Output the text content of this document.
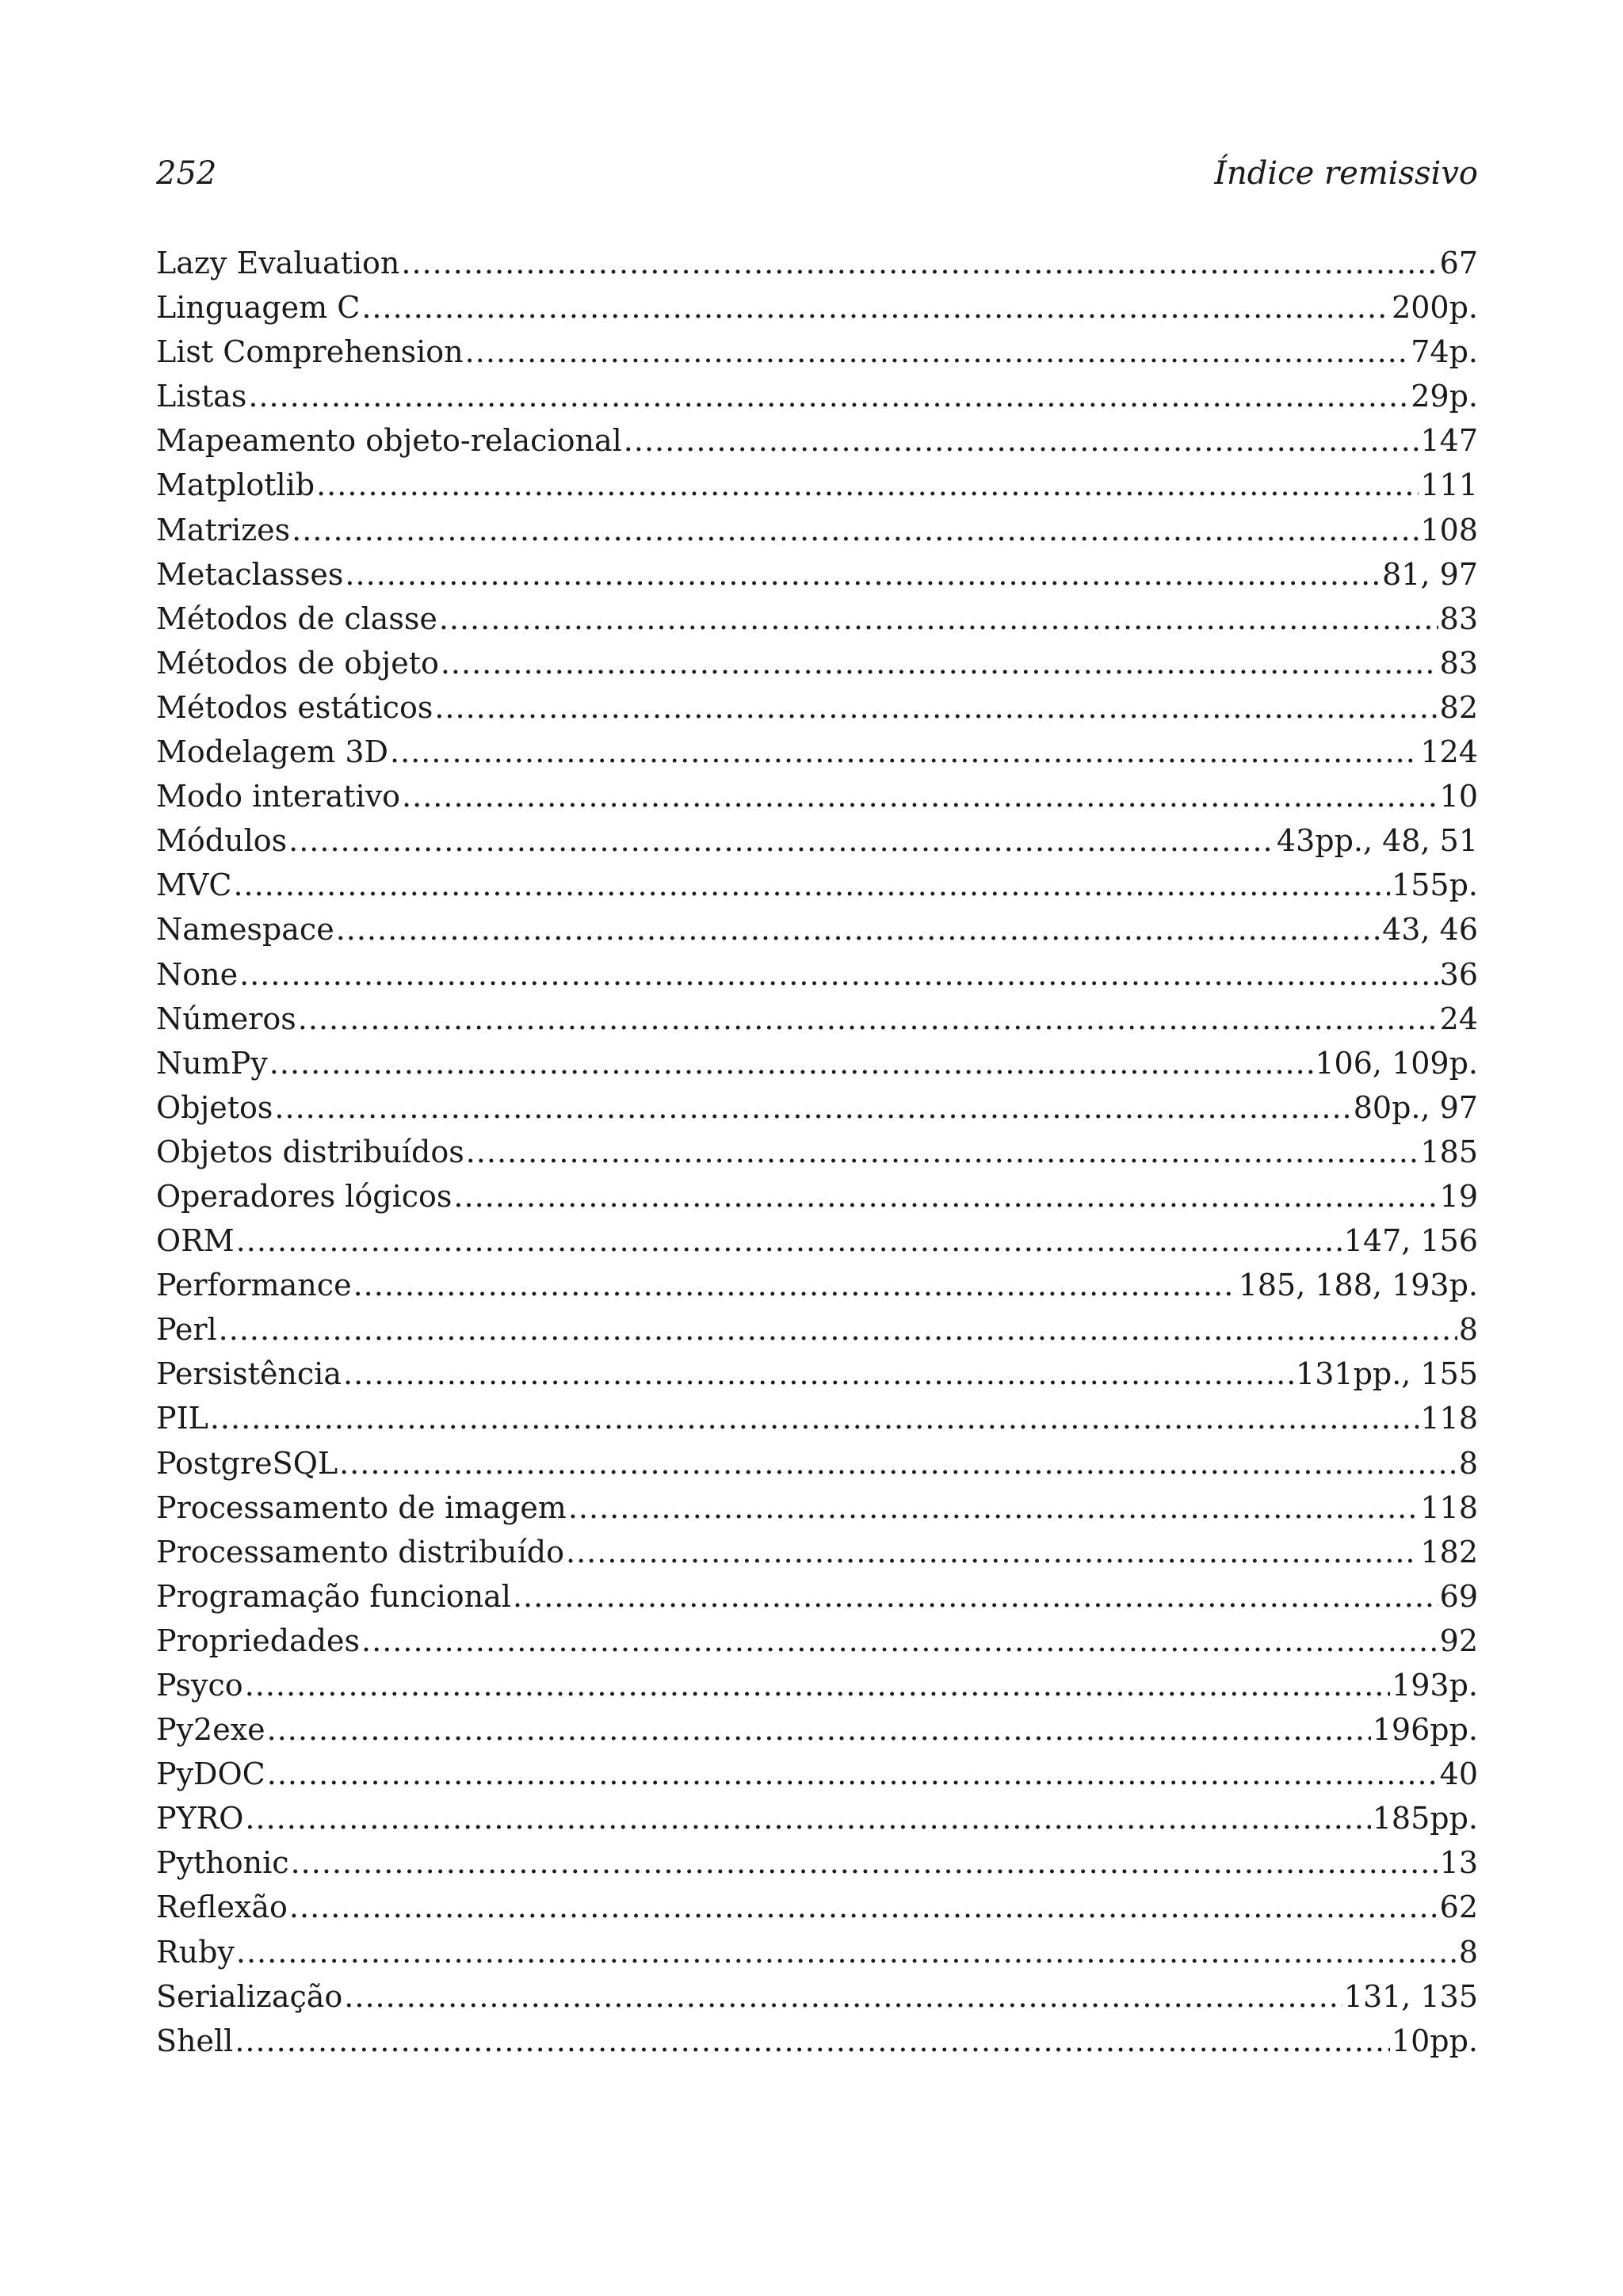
252	Índice remissivo
Lazy Evaluation .....	67
Linguagem C .....	200p.
List Comprehension .....	74p.
Listas .....	29p.
Mapeamento objeto-relacional .....	147
Matplotlib .....	111
Matrizes .....	108
Metaclasses .....	81, 97
Métodos de classe .....	83
Métodos de objeto .....	83
Métodos estáticos .....	82
Modelagem 3D .....	124
Modo interativo .....	10
Módulos .....	43pp., 48, 51
MVC .....	155p.
Namespace .....	43, 46
None .....	36
Números .....	24
NumPy .....	106, 109p.
Objetos .....	80p., 97
Objetos distribuídos .....	185
Operadores lógicos .....	19
ORM .....	147, 156
Performance .....	185, 188, 193p.
Perl .....	8
Persistência .....	131pp., 155
PIL .....	118
PostgreSQL .....	8
Processamento de imagem .....	118
Processamento distribuído .....	182
Programação funcional .....	69
Propriedades .....	92
Psyco .....	193p.
Py2exe .....	196pp.
PyDOC .....	40
PYRO .....	185pp.
Pythonic .....	13
Reflexão .....	62
Ruby .....	8
Serialização .....	131, 135
Shell .....	10pp.
